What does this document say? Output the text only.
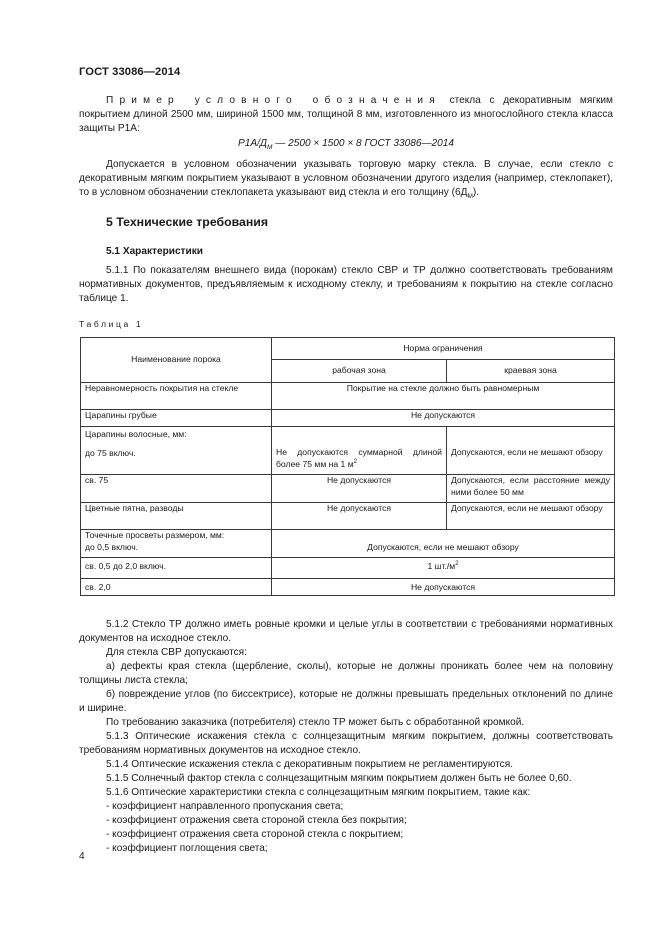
ГОСТ 33086—2014
Пример условного обозначения стекла с декоративным мягким покрытием длиной 2500 мм, шириной 1500 мм, толщиной 8 мм, изготовленного из многослойного стекла класса защиты Р1А:
$Р1А/Д_М$ — 2500 × 1500 × 8 ГОСТ 33086—2014
Допускается в условном обозначении указывать торговую марку стекла. В случае, если стекло с декоративным мягким покрытием указывают в условном обозначении другого изделия (например, стеклопакет), то в условном обозначении стеклопакета указывают вид стекла и его толщину $(6Д_М)$.
5 Технические требования
5.1 Характеристики
5.1.1 По показателям внешнего вида (порокам) стекло СВР и ТР должно соответствовать требованиям нормативных документов, предъявляемым к исходному стеклу, и требованиям к покрытию на стекле согласно таблице 1.
Таблица 1
Наименование порока	Норма ограничения	
	рабочая зона	краевая зона
Неравномерность покрытия на стекле	Покрытие на стекле должно быть равномерным	
Царапины грубые	Не допускаются	

Царапины волосные, мм:
до 75 включ.	Не допускаются суммарной длиной более 75 мм на 1 $м^2$	Допускаются, если не мешают обзору
св. 75	Не допускаются	Допускаются, если расстояние между ними более 50 мм
Цветные пятна, разводы	Не допускаются	Допускаются, если не мешают обзору

Точечные просветы размером, мм:
до 0,5 включ.	Допускаются, если не мешают обзору	
св. 0,5 до 2,0 включ.	1 $шт./м^2$
св. 2,0	Не допускаются	
5.1.2 Стекло ТР должно иметь ровные кромки и целые углы в соответствии с требованиями нормативных документов на исходное стекло.
Для стекла СВР допускаются:
а) дефекты края стекла (щербление, сколы), которые не должны проникать более чем на половину толщины листа стекла;
б) повреждение углов (по биссектрисе), которые не должны превышать предельных отклонений по длине и ширине.
По требованию заказчика (потребителя) стекло ТР может быть с обработанной кромкой.
5.1.3 Оптические искажения стекла с солнцезащитным мягким покрытием, должны соответствовать требованиям нормативных документов на исходное стекло.
5.1.4 Оптические искажения стекла с декоративным покрытием не регламентируются.
5.1.5 Солнечный фактор стекла с солнцезащитным мягким покрытием должен быть не более 0,60.
5.1.6 Оптические характеристики стекла с солнцезащитным мягким покрытием, такие как:
- коэффициент направленного пропускания света;
- коэффициент отражения света стороной стекла без покрытия;
- коэффициент отражения света стороной стекла с покрытием;
- коэффициент поглощения света;
4
